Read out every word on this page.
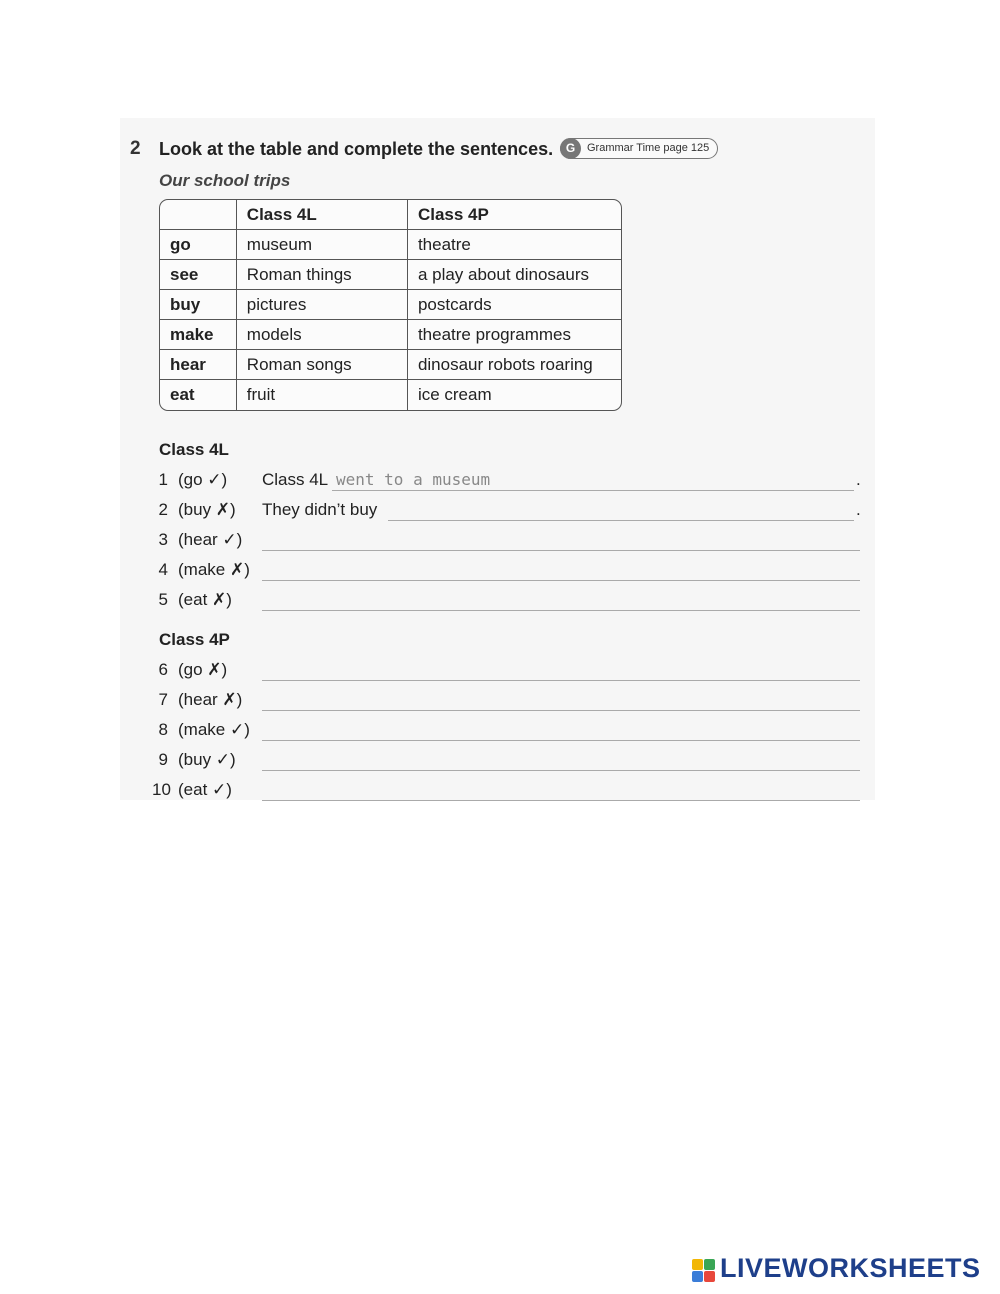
2 Look at the table and complete the sentences.	G	Grammar Time page 125
Our school trips
	Class 4L	Class 4P
go	museum	theatre
see	Roman things	a play about dinosaurs
buy	pictures	postcards
make	models	theatre programmes
hear	Roman songs	dinosaur robots roaring
eat	fruit	ice cream
Class 4L
1 (go ✓) Class 4L went to a museum	.
2 (buy ✗) They didn’t buy	.
3 (hear ✓)
4 (make ✗)
5 (eat ✗)
Class 4P
6 (go ✗)
7 (hear ✗)
8 (make ✓)
9 (buy ✓)
10 (eat ✓)
LIVEWORKSHEETS
